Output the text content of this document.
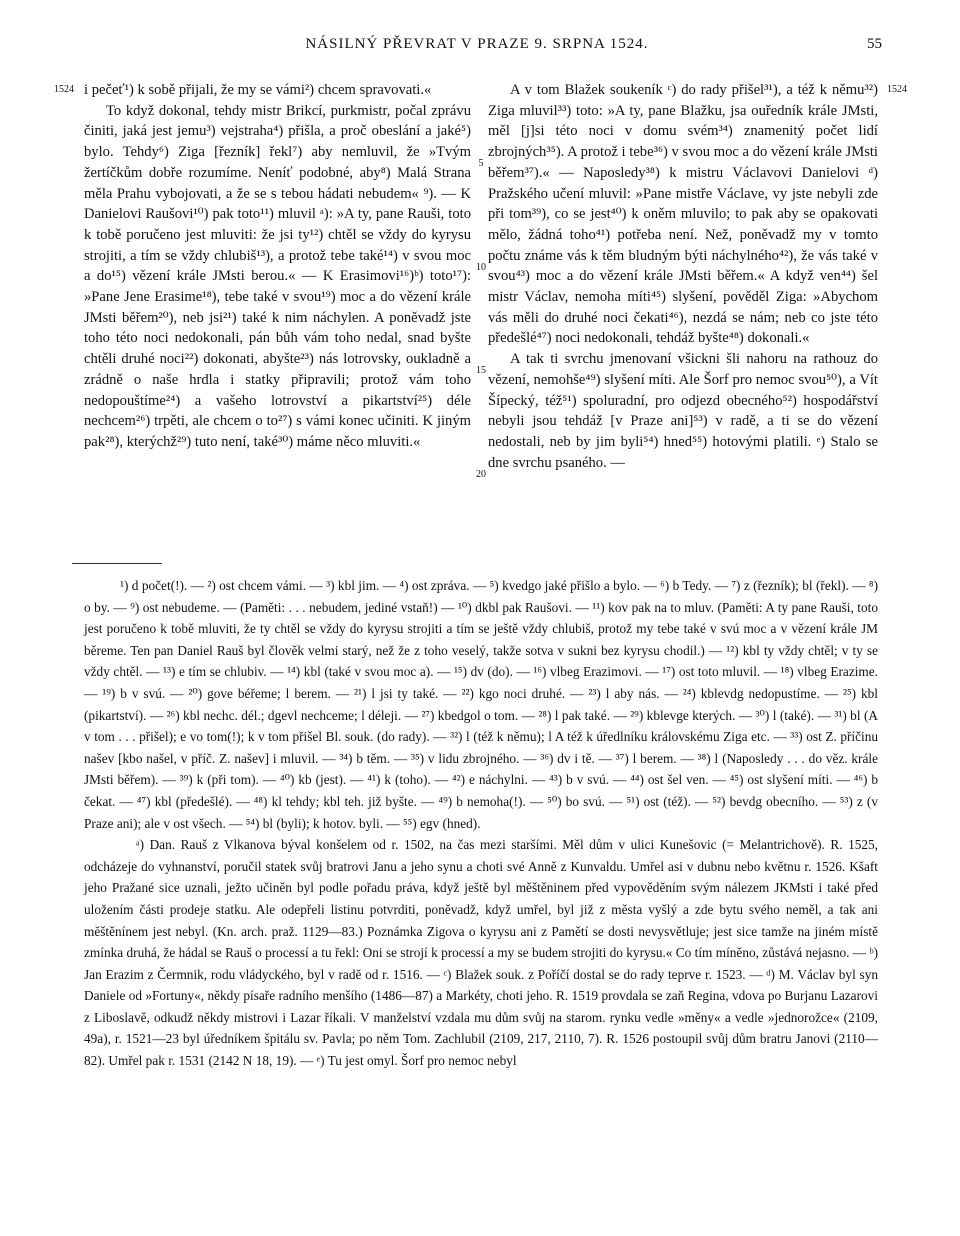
NÁSILNÝ PŘEVRAT V PRAZE 9. SRPNA 1524.	55
1524	1524
5
10
15
20

i pečeť¹) k sobě přijali, že my se vámi²) chcem spravovati.«

To když dokonal, tehdy mistr Brikcí, purkmistr, počal zprávu činiti, jaká jest jemu³) vejstraha⁴) přišla, a proč obeslání a jaké⁵) bylo. Tehdy⁶) Ziga [řezník] řekl⁷) aby nemluvil, že »Tvým žertíčkům dobře rozumíme. Neníť podobné, aby⁸) Malá Strana měla Prahu vybojovati, a že se s tebou hádati nebudem« ⁹). — K Danielovi Raušovi¹⁰) pak toto¹¹) mluvil ᵃ): »A ty, pane Rauši, toto k tobě poručeno jest mluviti: že jsi ty¹²) chtěl se vždy do kyrysu strojiti, a tím se vždy chlubiš¹³), a protož tebe také¹⁴) v svou moc a do¹⁵) vězení krále JMsti berou.« — K Erasimovi¹⁶)ᵇ) toto¹⁷): »Pane Jene Erasime¹⁸), tebe také v svou¹⁹) moc a do vězení krále JMsti běřem²⁰), neb jsi²¹) také k nim náchylen. A poněvadž jste toho této noci nedokonali, pán bůh vám toho nedal, snad byšte chtěli druhé noci²²) dokonati, abyšte²³) nás lotrovsky, oukladně a zrádně o naše hrdla i statky připravili; protož vám toho nedopouštíme²⁴) a vašeho lotrovství a pikartství²⁵) déle nechcem²⁶) trpěti, ale chcem o to²⁷) s vámi konec učiniti. K jiným pak²⁸), kterýchž²⁹) tuto není, také³⁰) máme něco mluviti.«

A v tom Blažek soukeník ᶜ) do rady přišel³¹), a též k němu³²) Ziga mluvil³³) toto: »A ty, pane Blažku, jsa ouředník krále JMsti, měl [j]si této noci v domu svém³⁴) znamenitý počet lidí zbrojných³⁵). A protož i tebe³⁶) v svou moc a do vězení krále JMsti běřem³⁷).« — Naposledy³⁸) k mistru Václavovi Danielovi ᵈ) Pražského učení mluvil: »Pane mistře Václave, vy jste nebyli zde při tom³⁹), co se jest⁴⁰) k oněm mluvilo; to pak aby se opakovati mělo, žádná toho⁴¹) potřeba není. Než, poněvadž my v tomto počtu známe vás k těm bludným býti náchylného⁴²), že vás také v svou⁴³) moc a do vězení krále JMsti běřem.« A když ven⁴⁴) šel mistr Václav, nemoha míti⁴⁵) slyšení, pověděl Ziga: »Abychom vás měli do druhé noci čekati⁴⁶), nezdá se nám; neb co jste této předešlé⁴⁷) noci nedokonali, tehdáž byšte⁴⁸) dokonali.«

A tak ti svrchu jmenovaní všickni šli nahoru na rathouz do vězení, nemohše⁴⁹) slyšení míti. Ale Šorf pro nemoc svou⁵⁰), a Vít Šípecký, též⁵¹) spoluradní, pro odjezd obecného⁵²) hospodářství nebyli jsou tehdáž [v Praze ani]⁵³) v radě, a ti se do vězení nedostali, neb by jim byli⁵⁴) hned⁵⁵) hotovými platili. ᵉ) Stalo se dne svrchu psaného. —

¹) d počet(!). — ²) ost chcem vámi. — ³) kbl jim. — ⁴) ost zpráva. — ⁵) kvedgo jaké přišlo a bylo. — ⁶) b Tedy. — ⁷) z (řezník); bl (řekl). — ⁸) o by. — ⁹) ost nebudeme. — (Paměti: . . . nebudem, jediné vstaň!) — ¹⁰) dkbl pak Raušovi. — ¹¹) kov pak na to mluv. (Paměti: A ty pane Rauši, toto jest poručeno k tobě mluviti, že ty chtěl se vždy do kyrysu strojiti a tím se ještě vždy chlubiš, protož my tebe také v svú moc a v vězení krále JM běreme. Ten pan Daniel Rauš byl člověk velmi starý, než že z toho veselý, takže sotva v sukni bez kyrysu chodil.) — ¹²) kbl ty vždy chtěl; v ty se vždy chtěl. — ¹³) e tím se chlubiv. — ¹⁴) kbl (také v svou moc a). — ¹⁵) dv (do). — ¹⁶) vlbeg Erazimovi. — ¹⁷) ost toto mluvil. — ¹⁸) vlbeg Erazime. — ¹⁹) b v svú. — ²⁰) gove béřeme; l berem. — ²¹) l jsi ty také. — ²²) kgo noci druhé. — ²³) l aby nás. — ²⁴) kblevdg nedopustíme. — ²⁵) kbl (pikartství). — ²⁶) kbl nechc. dél.; dgevl nechceme; l déleji. — ²⁷) kbedgol o tom. — ²⁸) l pak také. — ²⁹) kblevge kterých. — ³⁰) l (také). — ³¹) bl (A v tom . . . přišel); e vo tom(!); k v tom přišel Bl. souk. (do rady). — ³²) l (též k němu); l A též k úředlníku královskému Ziga etc. — ³³) ost Z. příčinu našev [kbo našel, v příč. Z. našev] i mluvil. — ³⁴) b těm. — ³⁵) v lidu zbrojného. — ³⁶) dv i tě. — ³⁷) l berem. — ³⁸) l (Naposledy . . . do věz. krále JMsti běřem). — ³⁹) k (při tom). — ⁴⁰) kb (jest). — ⁴¹) k (toho). — ⁴²) e náchylni. — ⁴³) b v svú. — ⁴⁴) ost šel ven. — ⁴⁵) ost slyšení míti. — ⁴⁶) b čekat. — ⁴⁷) kbl (předešlé). — ⁴⁸) kl tehdy; kbl teh. již byšte. — ⁴⁹) b nemoha(!). — ⁵⁰) bo svú. — ⁵¹) ost (též). — ⁵²) bevdg obecního. — ⁵³) z (v Praze ani); ale v ost všech. — ⁵⁴) bl (byli); k hotov. byli. — ⁵⁵) egv (hned).

ᵃ) Dan. Rauš z Vlkanova býval konšelem od r. 1502, na čas mezi staršími. Měl dům v ulici Kunešovic (= Melantrichově). R. 1525, odcházeje do vyhnanství, poručil statek svůj bratrovi Janu a jeho synu a choti své Anně z Kunvaldu. Umřel asi v dubnu nebo květnu r. 1526. Kšaft jeho Pražané sice uznali, ježto učiněn byl podle pořadu práva, když ještě byl měštěninem před vypověděním svým nálezem JKMsti i také před uložením části prodeje statku. Ale odepřeli listinu potvrditi, poněvadž, když umřel, byl již z města vyšlý a zde bytu svého neměl, a tak ani měštěnínem jest nebyl. (Kn. arch. praž. 1129—83.) Poznámka Zigova o kyrysu ani z Pamětí se dosti nevysvětluje; jest sice tamže na jiném místě zmínka druhá, že hádal se Rauš o processí a tu řekl: Oni se strojí k processí a my se budem strojiti do kyrysu.« Co tím míněno, zůstává nejasno. — ᵇ) Jan Erazim z Čermnik, rodu vládyckého, byl v radě od r. 1516. — ᶜ) Blažek souk. z Poříčí dostal se do rady teprve r. 1523. — ᵈ) M. Václav byl syn Daniele od »Fortuny«, někdy písaře radního menšího (1486—87) a Markéty, choti jeho. R. 1519 provdala se zaň Regina, vdova po Burjanu Lazarovi z Liboslavě, odkudž někdy mistrovi i Lazar říkali. V manželství vzdala mu dům svůj na starom. rynku vedle »měny« a vedle »jednorožce« (2109, 49a), r. 1521—23 byl úředníkem špitálu sv. Pavla; po něm Tom. Zachlubil (2109, 217, 2110, 7). R. 1526 postoupil svůj dům bratru Janovi (2110—82). Umřel pak r. 1531 (2142 N 18, 19). — ᵉ) Tu jest omyl. Šorf pro nemoc nebyl
